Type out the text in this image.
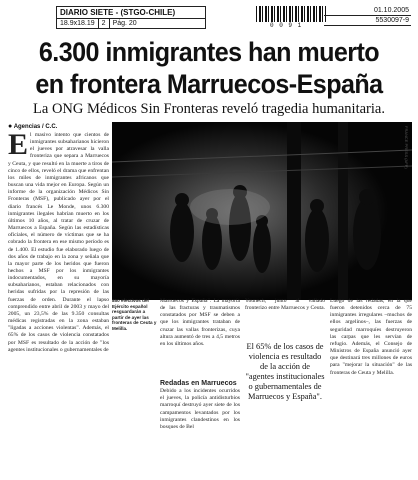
DIARIO SIETE - (STGO-CHILE)
18.9x18.19	2	Pág. 20	0 0 9 1
01.10.2005
5530097-9
6.300 inmigrantes han muerto
en frontera Marruecos-España
La ONG Médicos Sin Fronteras reveló tragedia humanitaria.
● Agencias / C.C.
E l masivo intento que cientos de inmigrantes subsaharianos hicieron el jueves por atravesar la valla fronteriza que separa a Marruecos y Ceuta, y que resultó en la muerte a tiros de cinco de ellos, reveló el drama que enfrentan los miles de inmigrantes africanos que buscan una vida mejor en Europa. Según un informe de la organización Médicos Sin Fronteras (MSF), publicado ayer por el diario francés Le Monde, unos 6.300 inmigrantes ilegales habrían muerto en los últimos 10 años, al tratar de cruzar de Marruecos a España. Según las estadísticas oficiales, el número de víctimas que se ha cobrado la frontera en ese mismo período es de 1.400. El estudio fue elaborado luego de dos años de trabajo en la zona y señala que la mayor parte de los heridos que fueron hechos a MSF por los inmigrantes indocumentados, en su mayoría subsaharianos, estaban relacionados con heridas sufridas por la represión de las fuerzas de orden. Durante el lapso comprendido entre abril de 2003 y mayo del 2005, un 23,5% de las 9.350 consultas médicas registradas en la zona estaban "ligadas a acciones violentas". Además, el 65% de los casos de violencia constatados por MSF es resultado de la acción de "los agentes institucionales o gubernamentales de
FRANCE PRESS (AFP)
850 efectivos del Ejército español resguardarán a partir de ayer las fronteras de Ceuta y Melilla.
Marruecos y España". La mayoría de las fracturas y traumatismos constatados por MSF se deben a que los inmigrantes trataban de cruzar las vallas fronterizas, cuya altura aumentó de tres a 4,5 metros en los últimos años.
Redadas en Marruecos
Debido a los incidentes ocurridos el jueves, la policía antidisturbios marroquí destruyó ayer siete de los campamentos levantados por los inmigrantes clandestinos en los bosques de Bel
Younech, junto al vallado fronterizo entre Marruecos y Ceuta.
El 65% de los casos de violencia es resultado de la acción de "agentes institucionales o gubernamentales de Marruecos y España".
Luego de las redadas, en la que fueron detenidos cerca de 75 inmigrantes irregulares –muchos de ellos argelinos–, las fuerzas de seguridad marroquíes destruyeron las carpas que les servían de refugio. Además, el Consejo de Ministros de España anunció ayer que destinará tres millones de euros para "mejorar la situación" de las fronteras de Ceuta y Melilla.
